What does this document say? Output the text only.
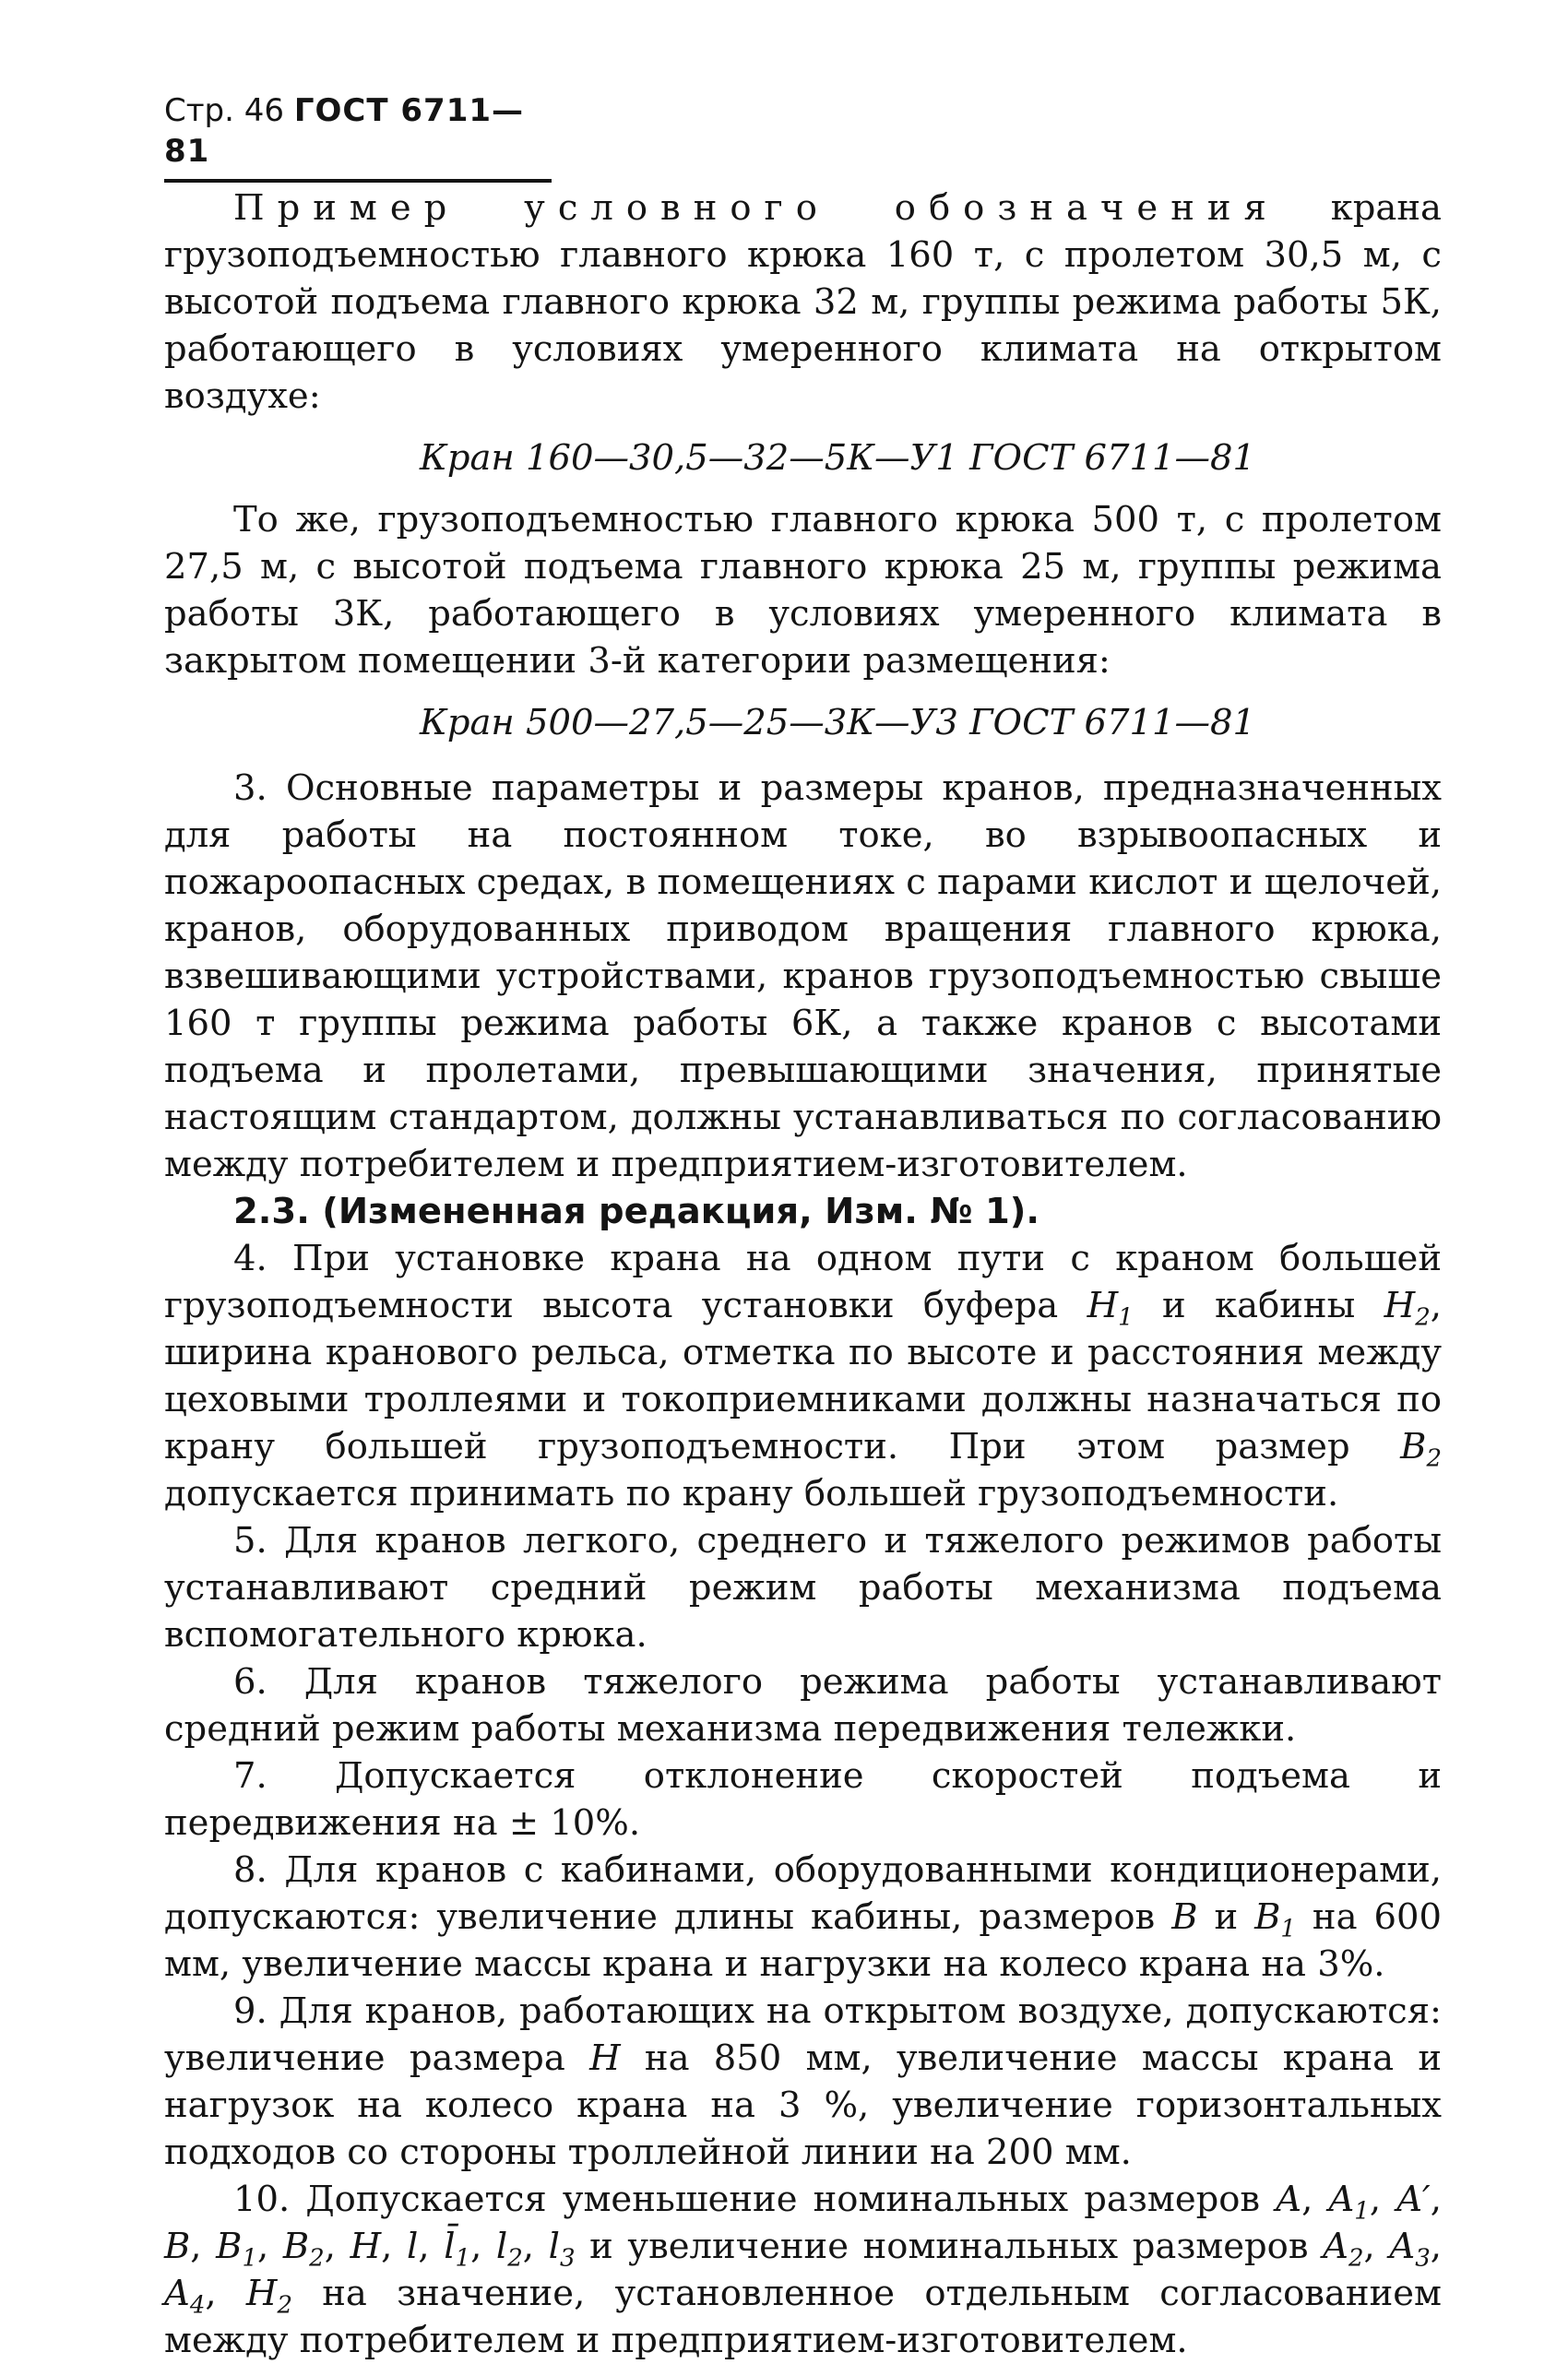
Стр. 46 ГОСТ 6711—81

Пример условного обозначения крана грузоподъемностью главного крюка 160 т, с пролетом 30,5 м, с высотой подъема главного крюка 32 м, группы режима работы 5К, работающего в условиях умеренного климата на открытом воздухе:

Кран 160—30,5—32—5К—У1 ГОСТ 6711—81

То же, грузоподъемностью главного крюка 500 т, с пролетом 27,5 м, с высотой подъема главного крюка 25 м, группы режима работы 3К, работающего в условиях умеренного климата в закрытом помещении 3-й категории размещения:

Кран 500—27,5—25—3К—У3 ГОСТ 6711—81

3. Основные параметры и размеры кранов, предназначенных для работы на постоянном токе, во взрывоопасных и пожароопасных средах, в помещениях с парами кислот и щелочей, кранов, оборудованных приводом вращения главного крюка, взвешивающими устройствами, кранов грузоподъемностью свыше 160 т группы режима работы 6К, а также кранов с высотами подъема и пролетами, превышающими значения, принятые настоящим стандартом, должны устанавливаться по согласованию между потребителем и предприятием-изготовителем.

2.3. (Измененная редакция, Изм. № 1).

4. При установке крана на одном пути с краном большей грузоподъемности высота установки буфера $H_1$ и кабины $H_2$, ширина кранового рельса, отметка по высоте и расстояния между цеховыми троллеями и токоприемниками должны назначаться по крану большей грузоподъемности. При этом размер $B_2$ допускается принимать по крану большей грузоподъемности.

5. Для кранов легкого, среднего и тяжелого режимов работы устанавливают средний режим работы механизма подъема вспомогательного крюка.

6. Для кранов тяжелого режима работы устанавливают средний режим работы механизма передвижения тележки.

7. Допускается отклонение скоростей подъема и передвижения на ± 10%.

8. Для кранов с кабинами, оборудованными кондиционерами, допускаются: увеличение длины кабины, размеров B и $B_1$ на 600 мм, увеличение массы крана и нагрузки на колесо крана на 3%.

9. Для кранов, работающих на открытом воздухе, допускаются: увеличение размера H на 850 мм, увеличение массы крана и нагрузок на колесо крана на 3 %, увеличение горизонтальных подходов со стороны троллейной линии на 200 мм.

10. Допускается уменьшение номинальных размеров A, $A_1$, A′, B, $B_1$, $B_2$, H, l, $l̄_1$, $l_2$, $l_3$ и увеличение номинальных размеров $A_2$, $A_3$, $A_4$, $H_2$ на значение, установленное отдельным согласованием между потребителем и предприятием-изготовителем.
